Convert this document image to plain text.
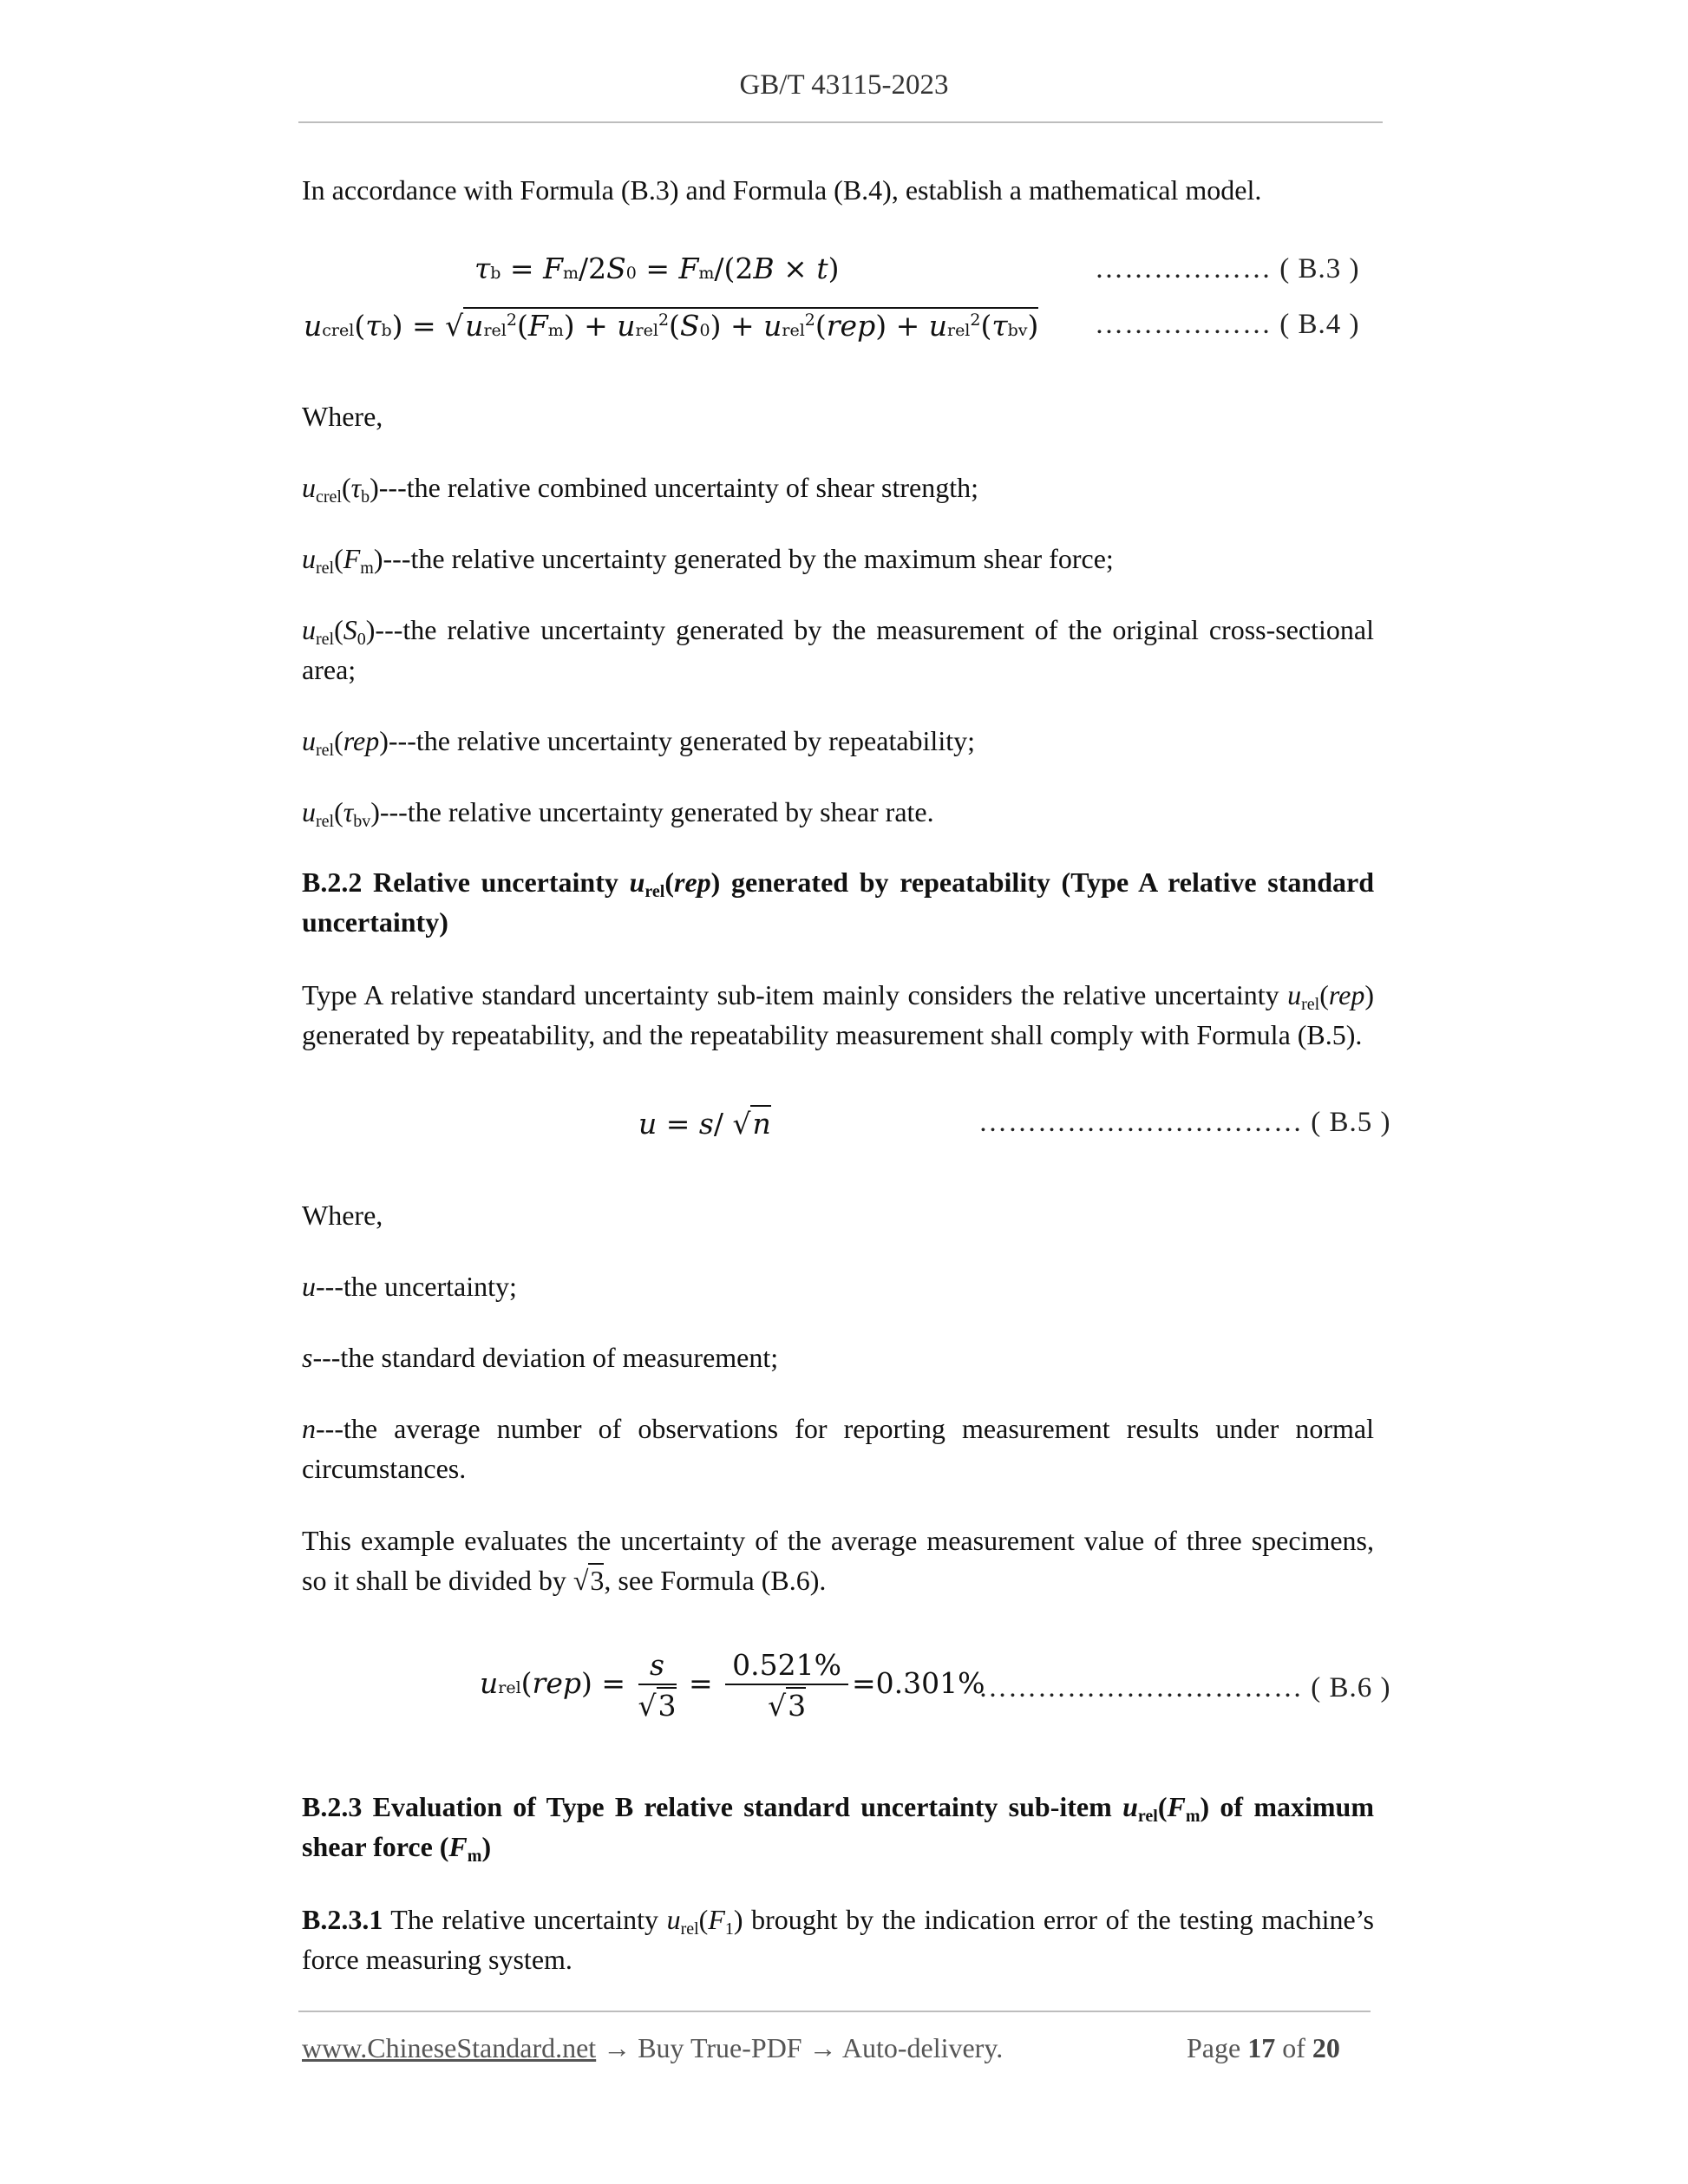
GB/T 43115-2023

In accordance with Formula (B.3) and Formula (B.4), establish a mathematical model.

τb = Fm/2S0 = Fm/(2B × t)	……………… ( B.3 )
ucrel(τb) = √urel$^2$(Fm) + urel$^2$(S0) + urel$^2$(rep) + urel$^2$(τbv) ……………… ( B.4 )

Where,

$u_{crel}(\tau_b)--$-the relative combined uncertainty of shear strength;

$u_{rel}(F_m)--$-the relative uncertainty generated by the maximum shear force;

$u_{rel}(S_0)--$-the relative uncertainty generated by the measurement of the original cross-sectional area;

$u_{rel}(rep)--$-the relative uncertainty generated by repeatability;

$u_{rel}(\tau_{bv})--$-the relative uncertainty generated by shear rate.

B.2.2 Relative uncertainty $u_{rel}(rep)$ generated by repeatability (Type A relative standard uncertainty)

Type A relative standard uncertainty sub-item mainly considers the relative uncertainty $u_{rel}(rep)$ generated by repeatability, and the repeatability measurement shall comply with Formula (B.5).

u = s/ √n	…………………………… ( B.5 )

Where,

u---the uncertainty;

s---the standard deviation of measurement;

n---the average number of observations for reporting measurement results under normal circumstances.

This example evaluates the uncertainty of the average measurement value of three specimens, so it shall be divided by √3, see Formula (B.6).

urel(rep) = $\frac{s}{√3} = \frac{0.521\%}{√3} =0.301\%$
…………………………… ( B.6 )

B.2.3 Evaluation of Type B relative standard uncertainty sub-item $u_{rel}(F_m)$ of maximum shear force $(F_m)$

B.2.3.1 The relative uncertainty $u_{rel}(F_1)$ brought by the indication error of the testing machine’s force measuring system.

www.ChineseStandard.net → Buy True-PDF → Auto-delivery.	Page 17 of 20
